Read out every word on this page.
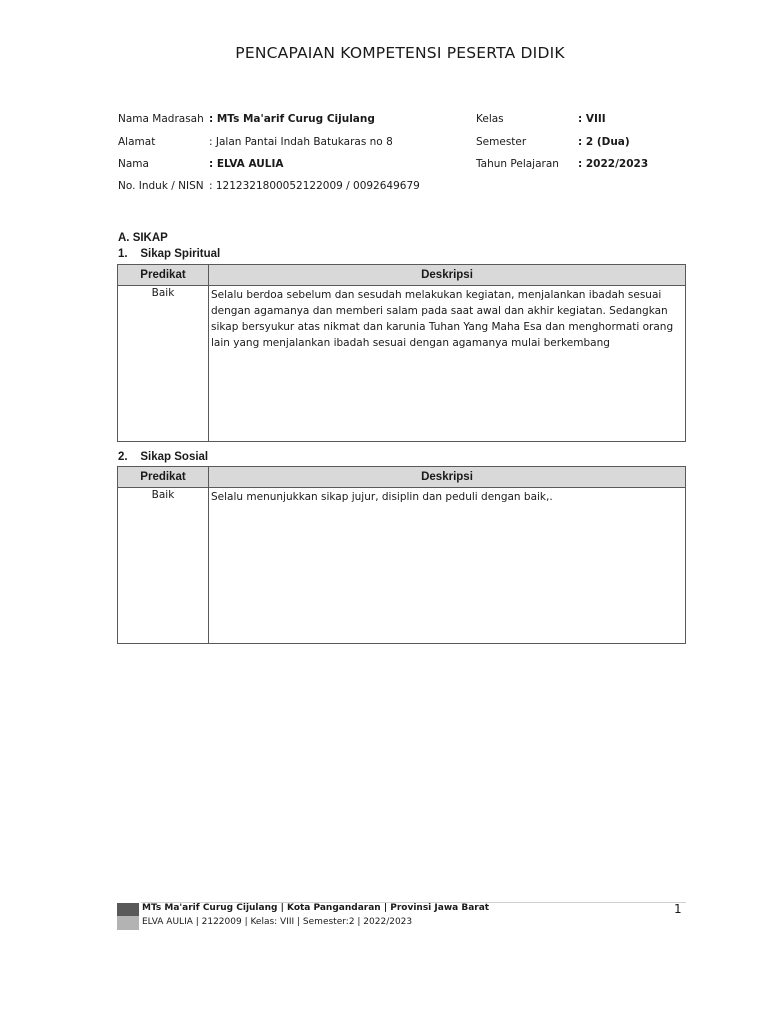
PENCAPAIAN KOMPETENSI PESERTA DIDIK
Nama Madrasah : MTs Ma'arif Curug Cijulang
Alamat	: Jalan Pantai Indah Batukaras no 8
Nama	: ELVA AULIA
No. Induk / NISN : 1212321800052122009 / 0092649679
Kelas	: VIII
Semester	: 2 (Dua)
Tahun Pelajaran : 2022/2023
A. SIKAP
1.    Sikap Spiritual
Predikat	Deskripsi
Baik	Selalu berdoa sebelum dan sesudah melakukan kegiatan, menjalankan ibadah sesuai dengan agamanya dan memberi salam pada saat awal dan akhir kegiatan. Sedangkan sikap bersyukur atas nikmat dan karunia Tuhan Yang Maha Esa dan menghormati orang lain yang menjalankan ibadah sesuai dengan agamanya mulai berkembang
2.    Sikap Sosial
Predikat	Deskripsi
Baik	Selalu menunjukkan sikap jujur, disiplin dan peduli dengan baik,.
MTs Ma'arif Curug Cijulang | Kota Pangandaran | Provinsi Jawa Barat
ELVA AULIA | 2122009 | Kelas: VIII | Semester:2 | 2022/2023
1
